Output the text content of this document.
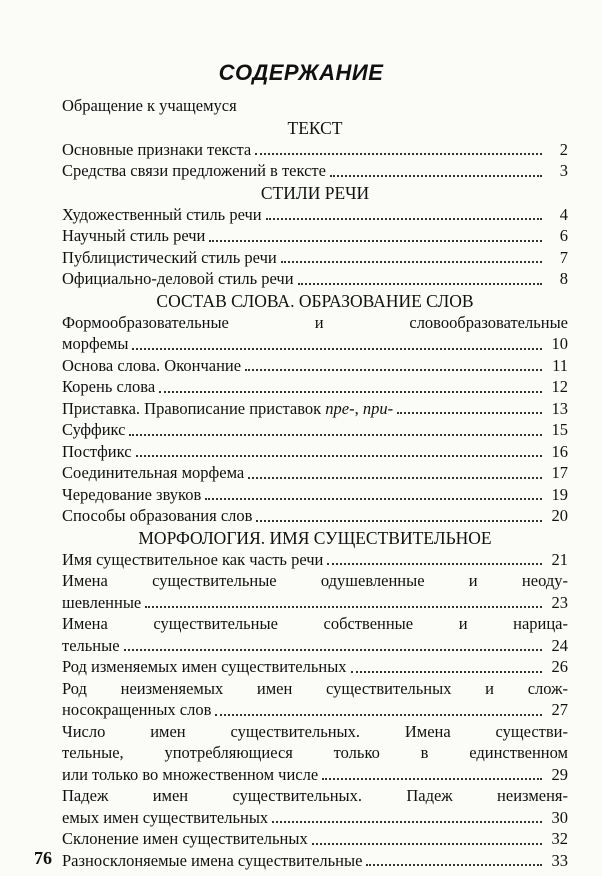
СОДЕРЖАНИЕ
Обращение к учащемуся
ТЕКСТ
Основные признаки текста	2
Средства связи предложений в тексте	3
СТИЛИ РЕЧИ
Художественный стиль речи	4
Научный стиль речи	6
Публицистический стиль речи	7
Официально-деловой стиль речи	8
СОСТАВ СЛОВА. ОБРАЗОВАНИЕ СЛОВ
Формообразовательные и словообразовательные
морфемы	10
Основа слова. Окончание	11
Корень слова	12
Приставка. Правописание приставок пре-, при-	13
Суффикс	15
Постфикс	16
Соединительная морфема	17
Чередование звуков	19
Способы образования слов	20
МОРФОЛОГИЯ. ИМЯ СУЩЕСТВИТЕЛЬНОЕ
Имя существительное как часть речи	21
Имена существительные одушевленные и неоду-
шевленные	23
Имена существительные собственные и нарица-
тельные	24
Род изменяемых имен существительных	26
Род неизменяемых имен существительных и слож-
носокращенных слов	27
Число имен существительных. Имена существи-
тельные, употребляющиеся только в единственном
или только во множественном числе	29
Падеж имен существительных. Падеж неизменя-
емых имен существительных	30
Склонение имен существительных	32
Разносклоняемые имена существительные	33
76
